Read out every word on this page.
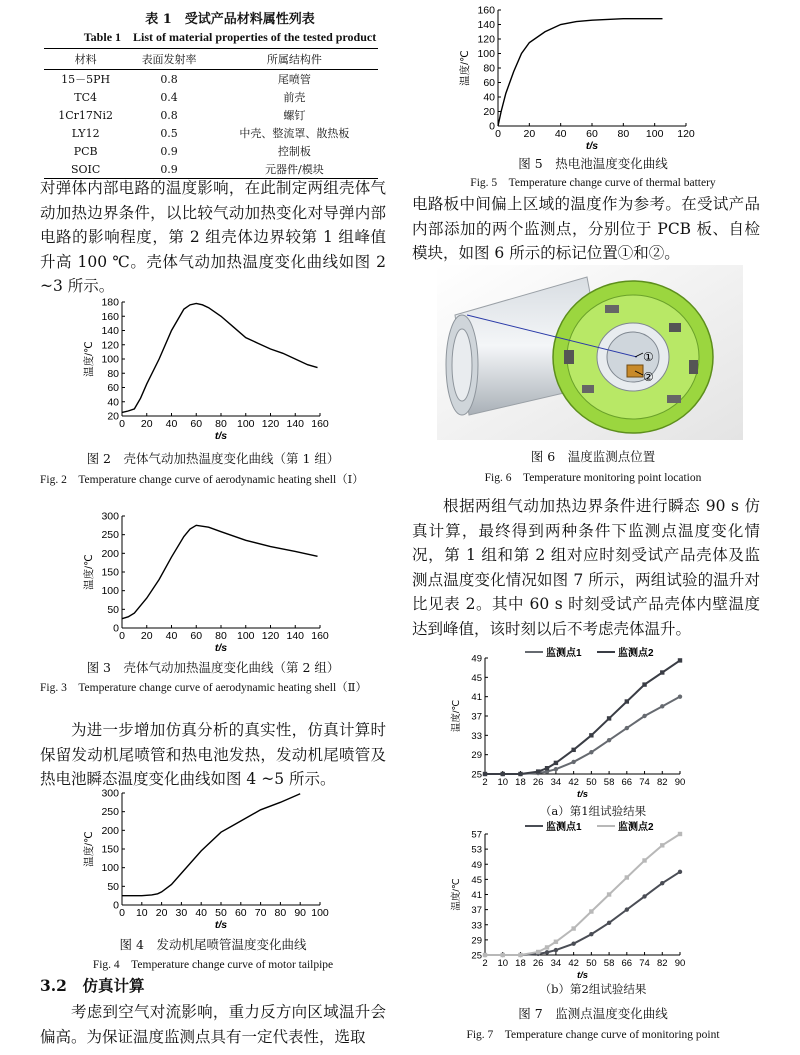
表 1　受试产品材料属性列表
Table 1　List of material properties of the tested product
材料	表面发射率	所属结构件
15－5PH	0.8	尾喷管
TC4	0.4	前壳
1Cr17Ni2	0.8	螺钉
LY12	0.5	中壳、整流罩、散热板
PCB	0.9	控制板
SOIC	0.9	元器件/模块
对弹体内部电路的温度影响，在此制定两组壳体气动加热边界条件，以比较气动加热变化对导弹内部电路的影响程度，第 2 组壳体边界较第 1 组峰值升高 100 ℃。壳体气动加热温度变化曲线如图 2 ~3 所示。
0 20 40 60 80 100 120 140 160
20
40
60
80
100
120
140
160
180
t/s
温度/℃
图 2　壳体气动加热温度变化曲线（第 1 组）
Fig. 2　Temperature change curve of aerodynamic heating shell（Ⅰ）
0 20 40 60 80 100 120 140 160
0
50
100
150
200
250
300
t/s
温度/℃
图 3　壳体气动加热温度变化曲线（第 2 组）
Fig. 3　Temperature change curve of aerodynamic heating shell（Ⅱ）
为进一步增加仿真分析的真实性，仿真计算时保留发动机尾喷管和热电池发热，发动机尾喷管及热电池瞬态温度变化曲线如图 4 ~5 所示。
0 10 20 30 40 50 60 70 80 90 100
0
50
100
150
200
250
300
t/s
温度/℃
图 4　发动机尾喷管温度变化曲线
Fig. 4　Temperature change curve of motor tailpipe
3.2　仿真计算
考虑到空气对流影响，重力反方向区域温升会偏高。为保证温度监测点具有一定代表性，选取
0 20 40 60 80 100 120
0
20
40
60
80
100
120
140
160
t/s
温度/℃
图 5　热电池温度变化曲线
Fig. 5　Temperature change curve of thermal battery
电路板中间偏上区域的温度作为参考。在受试产品内部添加的两个监测点，分别位于 PCB 板、自检模块，如图 6 所示的标记位置①和②。
①
②
图 6　温度监测点位置
Fig. 6　Temperature monitoring point location
根据两组气动加热边界条件进行瞬态 90 s 仿真计算，最终得到两种条件下监测点温度变化情况，第 1 组和第 2 组对应时刻受试产品壳体及监测点温度变化情况如图 7 所示，两组试验的温升对比见表 2。其中 60 s 时刻受试产品壳体内壁温度达到峰值，该时刻以后不考虑壳体温升。
2 10 18 26 34 42 50 58 66 74 82 90
25
29
33
37
41
45
49
t/s
温度/℃
监测点1	监测点2
（a）第1组试验结果
2 10 18 26 34 42 50 58 66 74 82 90
25
29
33
37
41
45
49
53
57
t/s
温度/℃
监测点1	监测点2
（b）第2组试验结果
图 7　监测点温度变化曲线
Fig. 7　Temperature change curve of monitoring point
